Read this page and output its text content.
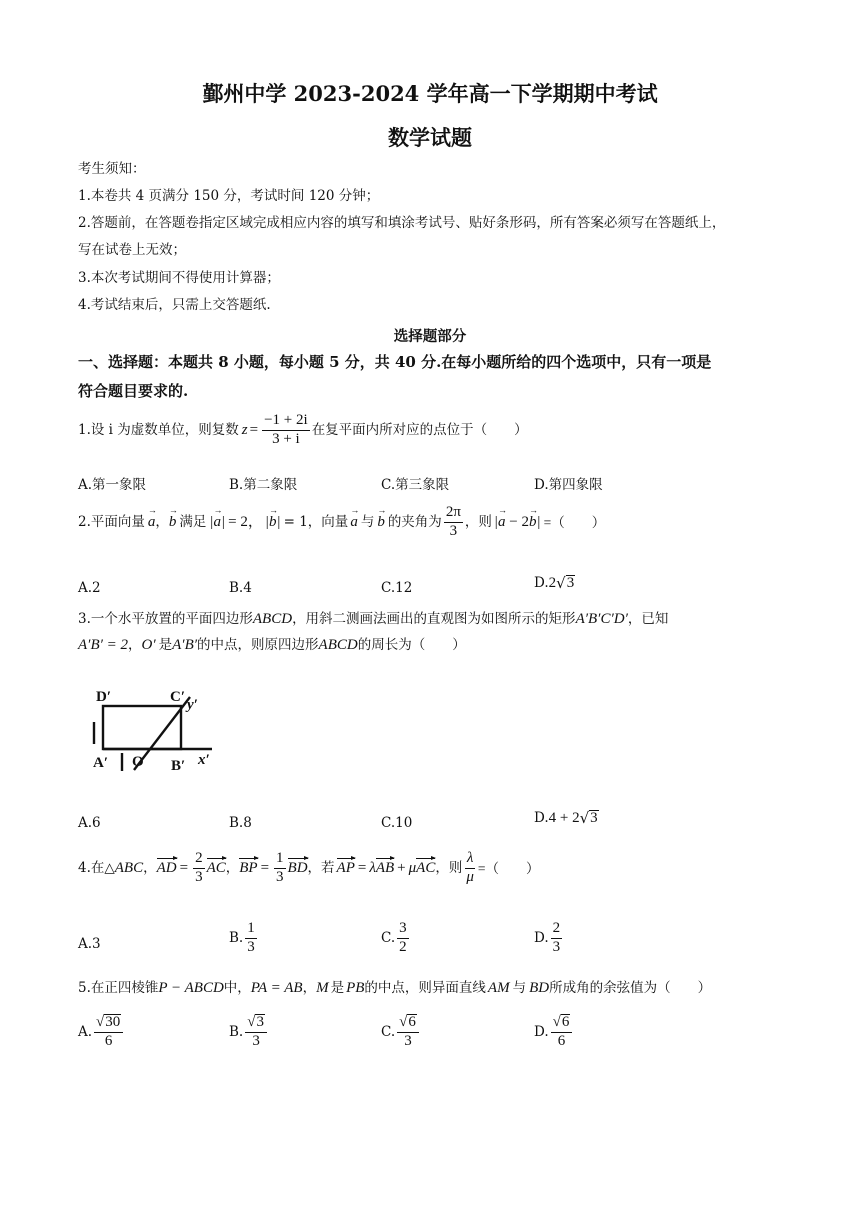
鄞州中学 2023-2024 学年高一下学期期中考试
数学试题
考生须知：
1.本卷共 4 页满分 150 分，考试时间 120 分钟；
2.答题前，在答题卷指定区域完成相应内容的填写和填涂考试号、贴好条形码，所有答案必须写在答题纸上，
写在试卷上无效；
3.本次考试期间不得使用计算器；
4.考试结束后，只需上交答题纸.
选择题部分
一、选择题：本题共 8 小题，每小题 5 分，共 40 分.在每小题所给的四个选项中，只有一项是
符合题目要求的.
1.设 i 为虚数单位，则复数 $z = \frac{-1 + 2i}{3 + i}$ 在复平面内所对应的点位于（　　）
A.第一象限	B.第二象限	C.第三象限	D.第四象限
2.平面向量 → a ， → b 满足 |→ a| = 2， |→ b| = 1，向量 → a 与 → b 的夹角为 $\frac{2\pi}{3}$ ，则 |→ a − 2→ b| =（　　）
A.2	B.4	C.12	D. 2 √ 3
3.一个水平放置的平面四边形 ABCD ，用斜二测画法画出的直观图为如图所示的矩形 A′B′C′D′ ，已知
A′B′ = 2 ， O′ 是 A′B′ 的中点，则原四边形 ABCD 的周长为（　　）
D′	C′ y′
A′ O B′ x′
A.6	B.8	C.10	D. 4 + 2 √ 3
4.在△ ABC ， AD = $\frac{2}{3}$ AC ， BP = $\frac{1}{3}$ BD ，若 AP = λ AB + μ AC ，则 $\frac{\lambda}{\mu}$ =（　　）
A.3	B. $\frac{1}{3}$	C. $\frac{3}{2}$	D. $\frac{2}{3}$
5.在正四棱锥 P − ABCD 中， PA = AB ， M 是 PB 的中点，则异面直线 AM 与 BD 所成角的余弦值为（　　）
A. $\frac{√30}{6}$	B. $\frac{√3}{3}$	C. $\frac{√6}{3}$	D. $\frac{√6}{6}$
